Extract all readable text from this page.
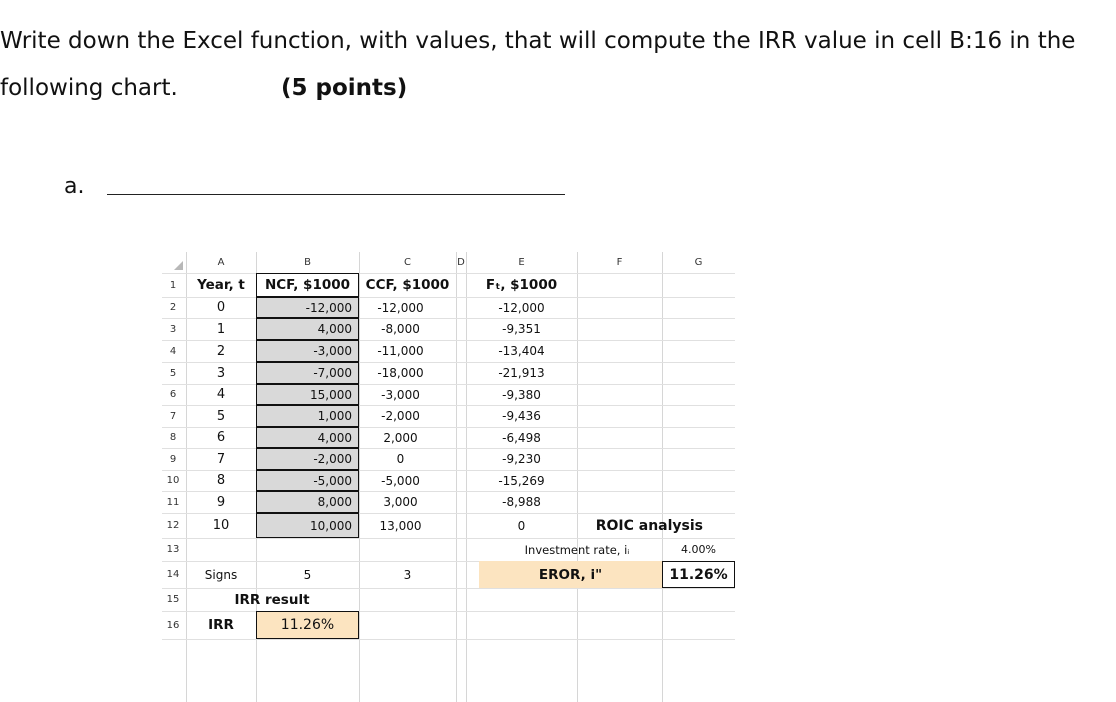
Write down the Excel function, with values, that will compute the IRR value in cell B:16 in the
following chart.	(5 points)
a.
A	B	C	D	E	F	G
1
2
3
4
5
6
7
8
9
10
11
12
13
14
15
16
Year, t	NCF, $1000	CCF, $1000	Fₜ, $1000
0	-12,000	-12,000	-12,000
1	4,000	-8,000	-9,351
2	-3,000	-11,000	-13,404
3	-7,000	-18,000	-21,913
4	15,000	-3,000	-9,380
5	1,000	-2,000	-9,436
6	4,000	2,000	-6,498
7	-2,000	0	-9,230
8	-5,000	-5,000	-15,269
9	8,000	3,000	-8,988
10	10,000	13,000	0	ROIC analysis
Investment rate, iᵢ	4.00%
Signs	5	3	EROR, i"	11.26%
IRR result
IRR	11.26%
